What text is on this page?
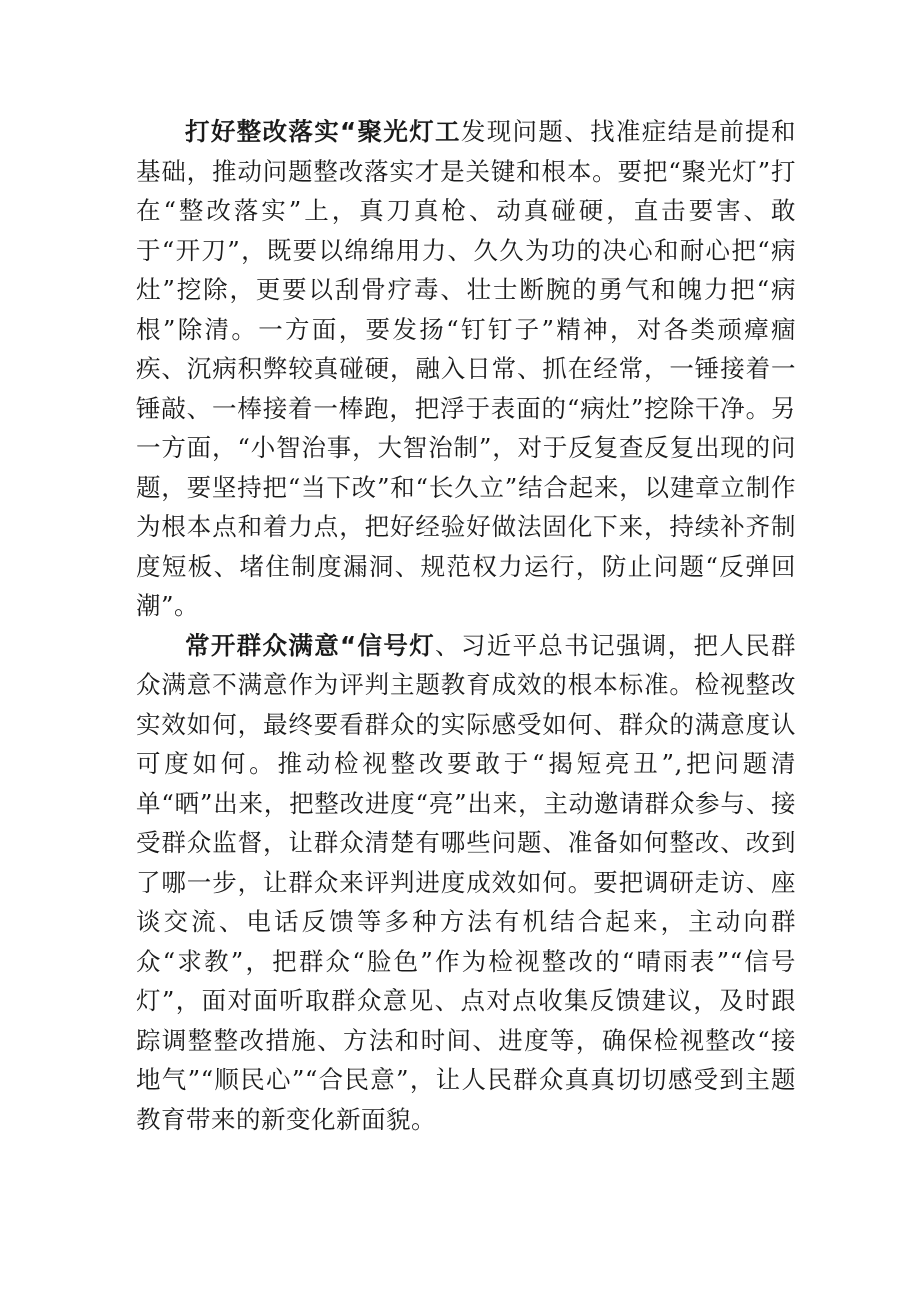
打好整改落实“聚光灯工发现问题、找准症结是前提和基础，推动问题整改落实才是关键和根本。要把“聚光灯”打在“整改落实”上，真刀真枪、动真碰硬，直击要害、敢于“开刀”，既要以绵绵用力、久久为功的决心和耐心把“病灶”挖除，更要以刮骨疗毒、壮士断腕的勇气和魄力把“病根”除清。一方面，要发扬“钉钉子”精神，对各类顽瘴痼疾、沉病积弊较真碰硬，融入日常、抓在经常，一锤接着一锤敲、一棒接着一棒跑，把浮于表面的“病灶”挖除干净。另一方面，“小智治事，大智治制”，对于反复查反复出现的问题，要坚持把“当下改”和“长久立”结合起来，以建章立制作为根本点和着力点，把好经验好做法固化下来，持续补齐制度短板、堵住制度漏洞、规范权力运行，防止问题“反弹回潮”。

常开群众满意“信号灯、习近平总书记强调，把人民群众满意不满意作为评判主题教育成效的根本标准。检视整改实效如何，最终要看群众的实际感受如何、群众的满意度认可度如何。推动检视整改要敢于“揭短亮丑”,把问题清单“晒”出来，把整改进度“亮”出来，主动邀请群众参与、接受群众监督，让群众清楚有哪些问题、准备如何整改、改到了哪一步，让群众来评判进度成效如何。要把调研走访、座谈交流、电话反馈等多种方法有机结合起来，主动向群众“求教”，把群众“脸色”作为检视整改的“晴雨表”“信号灯”，面对面听取群众意见、点对点收集反馈建议，及时跟踪调整整改措施、方法和时间、进度等，确保检视整改“接地气”“顺民心”“合民意”，让人民群众真真切切感受到主题教育带来的新变化新面貌。
